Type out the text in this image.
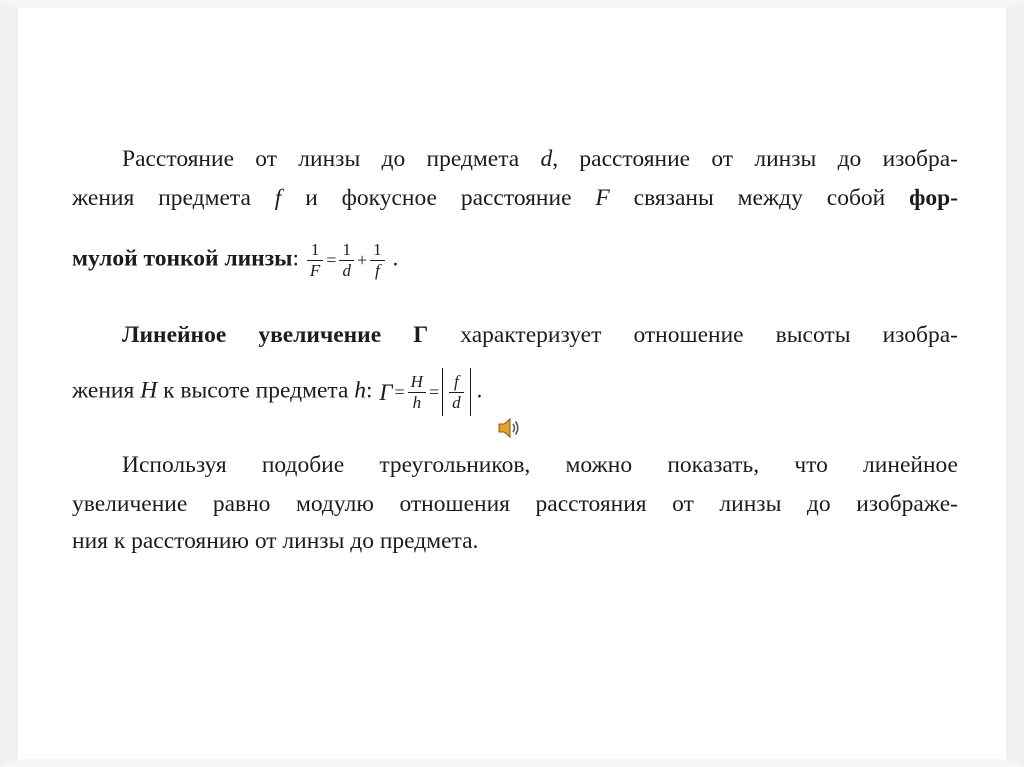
Расстояние от линзы до предмета d, расстояние от линзы до изобра-
жения предмета f и фокусное расстояние F связаны между собой фор-
мулой тонкой линзы: $\frac{1}{F} = \frac{1}{d} + \frac{1}{f}$ .
Линейное увеличение Г характеризует отношение высоты изобра-
жения H к высоте предмета h: $Г = \frac{H}{h} = \frac{f}{d}$ .
Используя подобие треугольников, можно показать, что линейное
увеличение равно модулю отношения расстояния от линзы до изображе-
ния к расстоянию от линзы до предмета.
